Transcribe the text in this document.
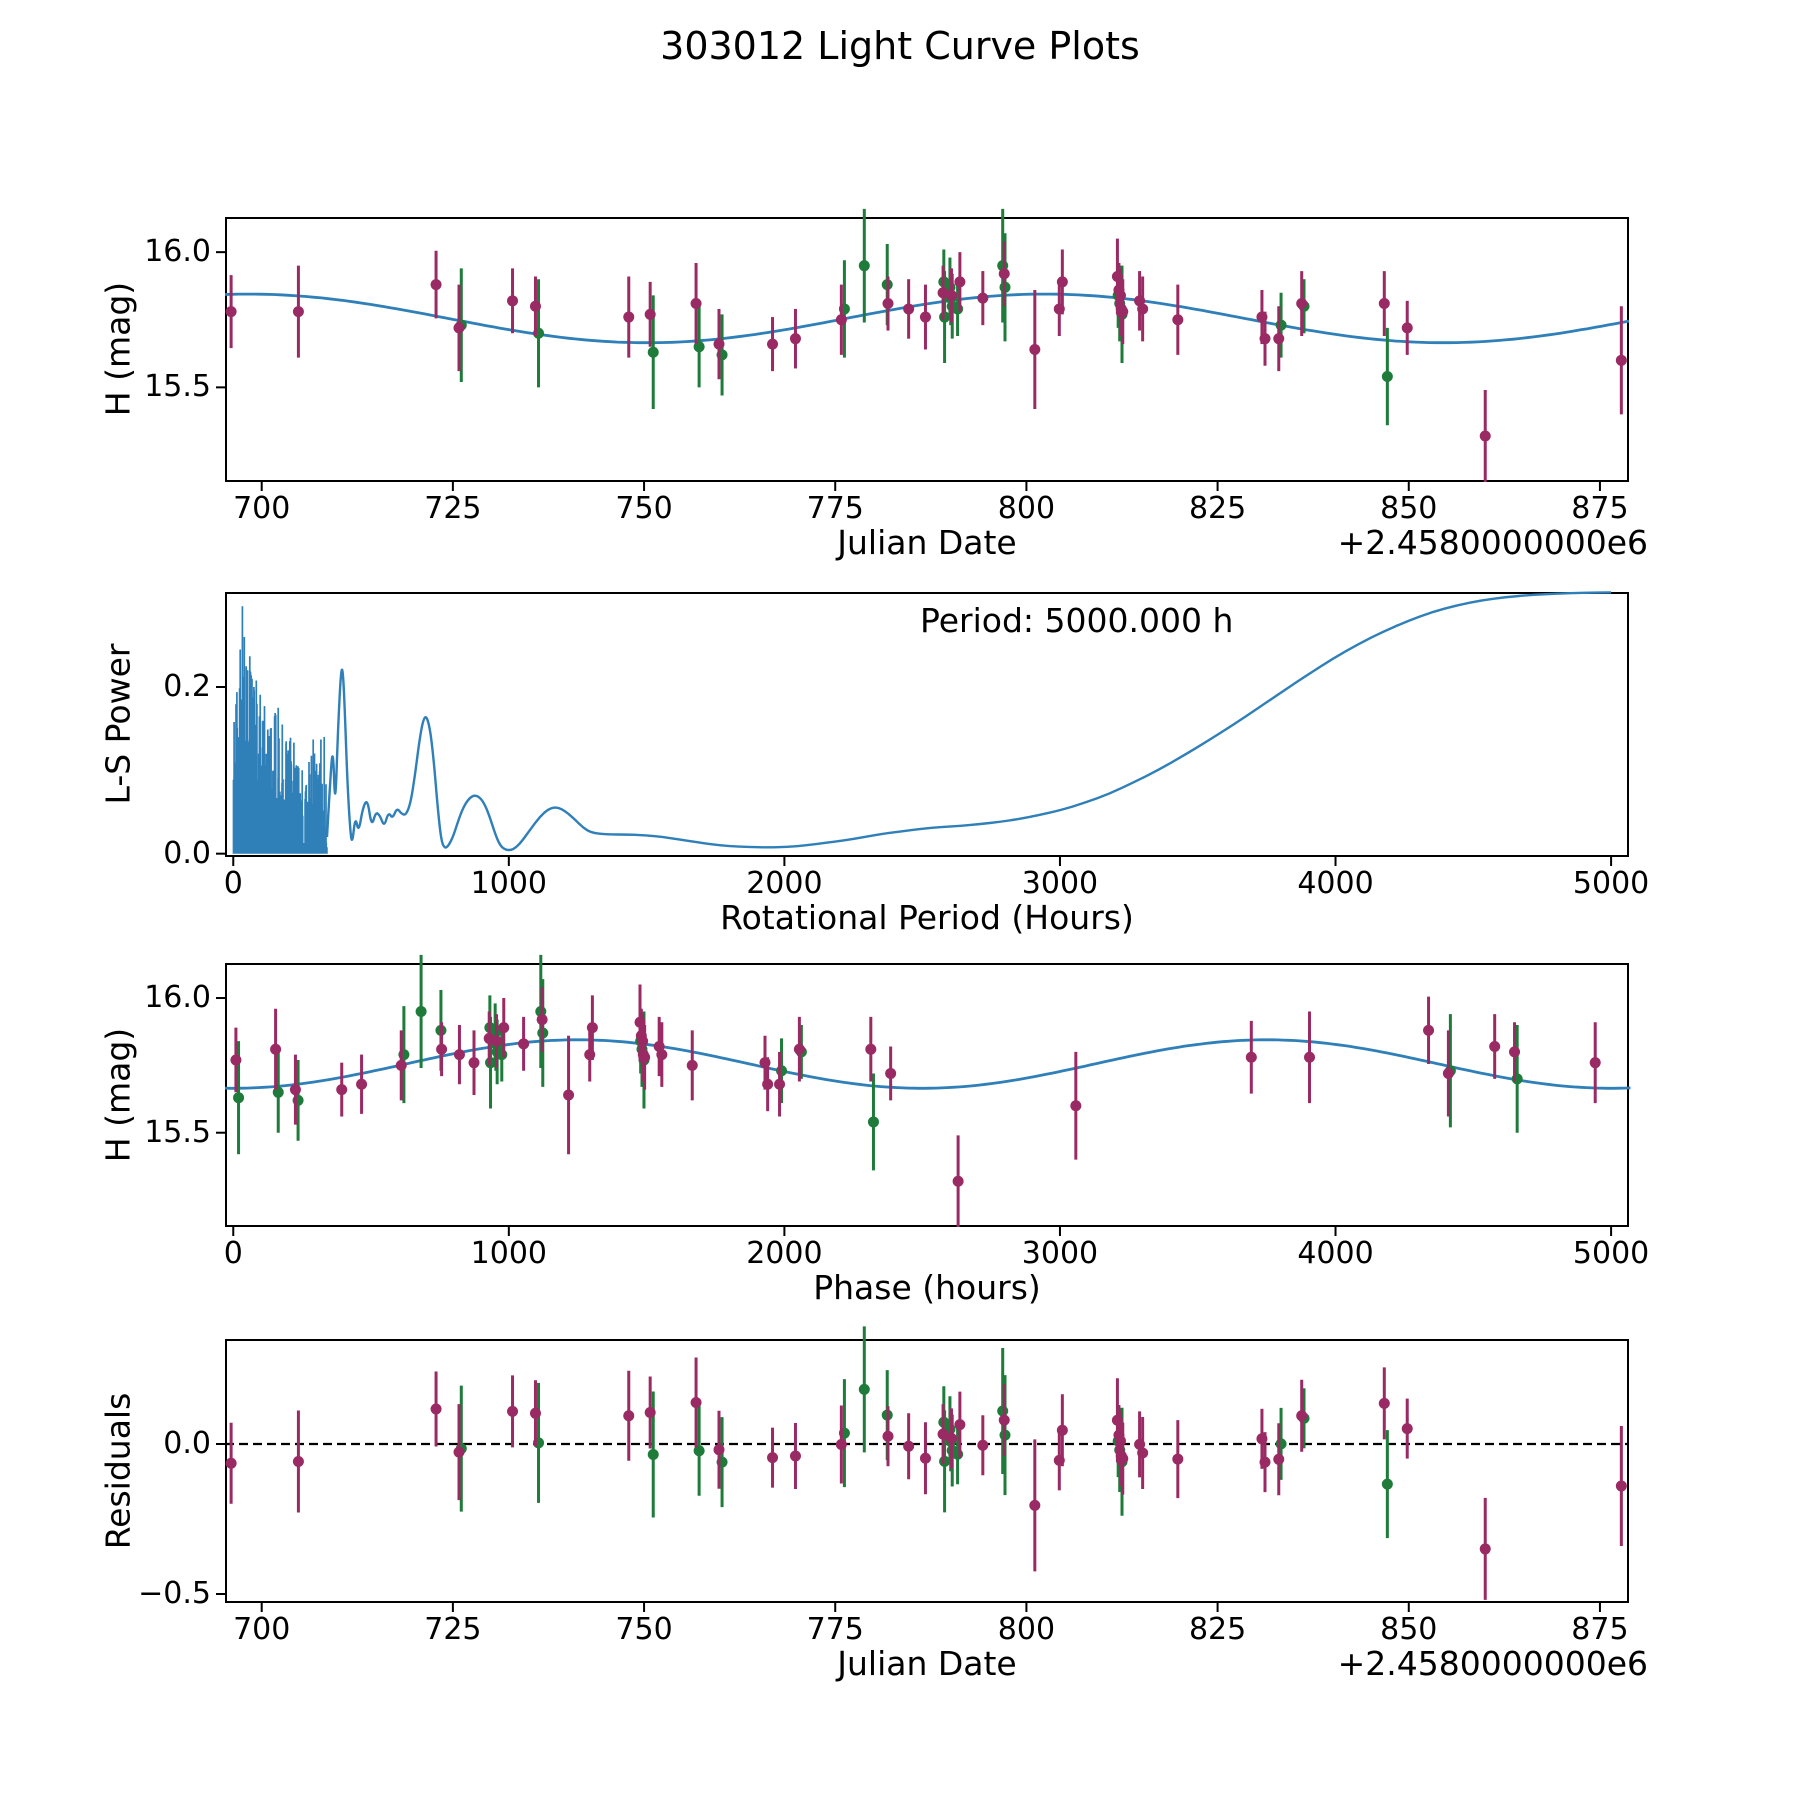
303012 Light Curve Plots
H (mag)
Julian Date	+2.4580000000e6
L-S Power
Rotational Period (Hours)
Period: 5000.000 h
H (mag)
Phase (hours)
Residuals
Julian Date	+2.4580000000e6
700	725	750	775	800	825	850	875
16.0
15.5
0	1000	2000	3000	4000	5000
0.0
0.2
0	1000	2000	3000	4000	5000
16.0
15.5
700	725	750	775	800	825	850	875
0.0
−0.5
